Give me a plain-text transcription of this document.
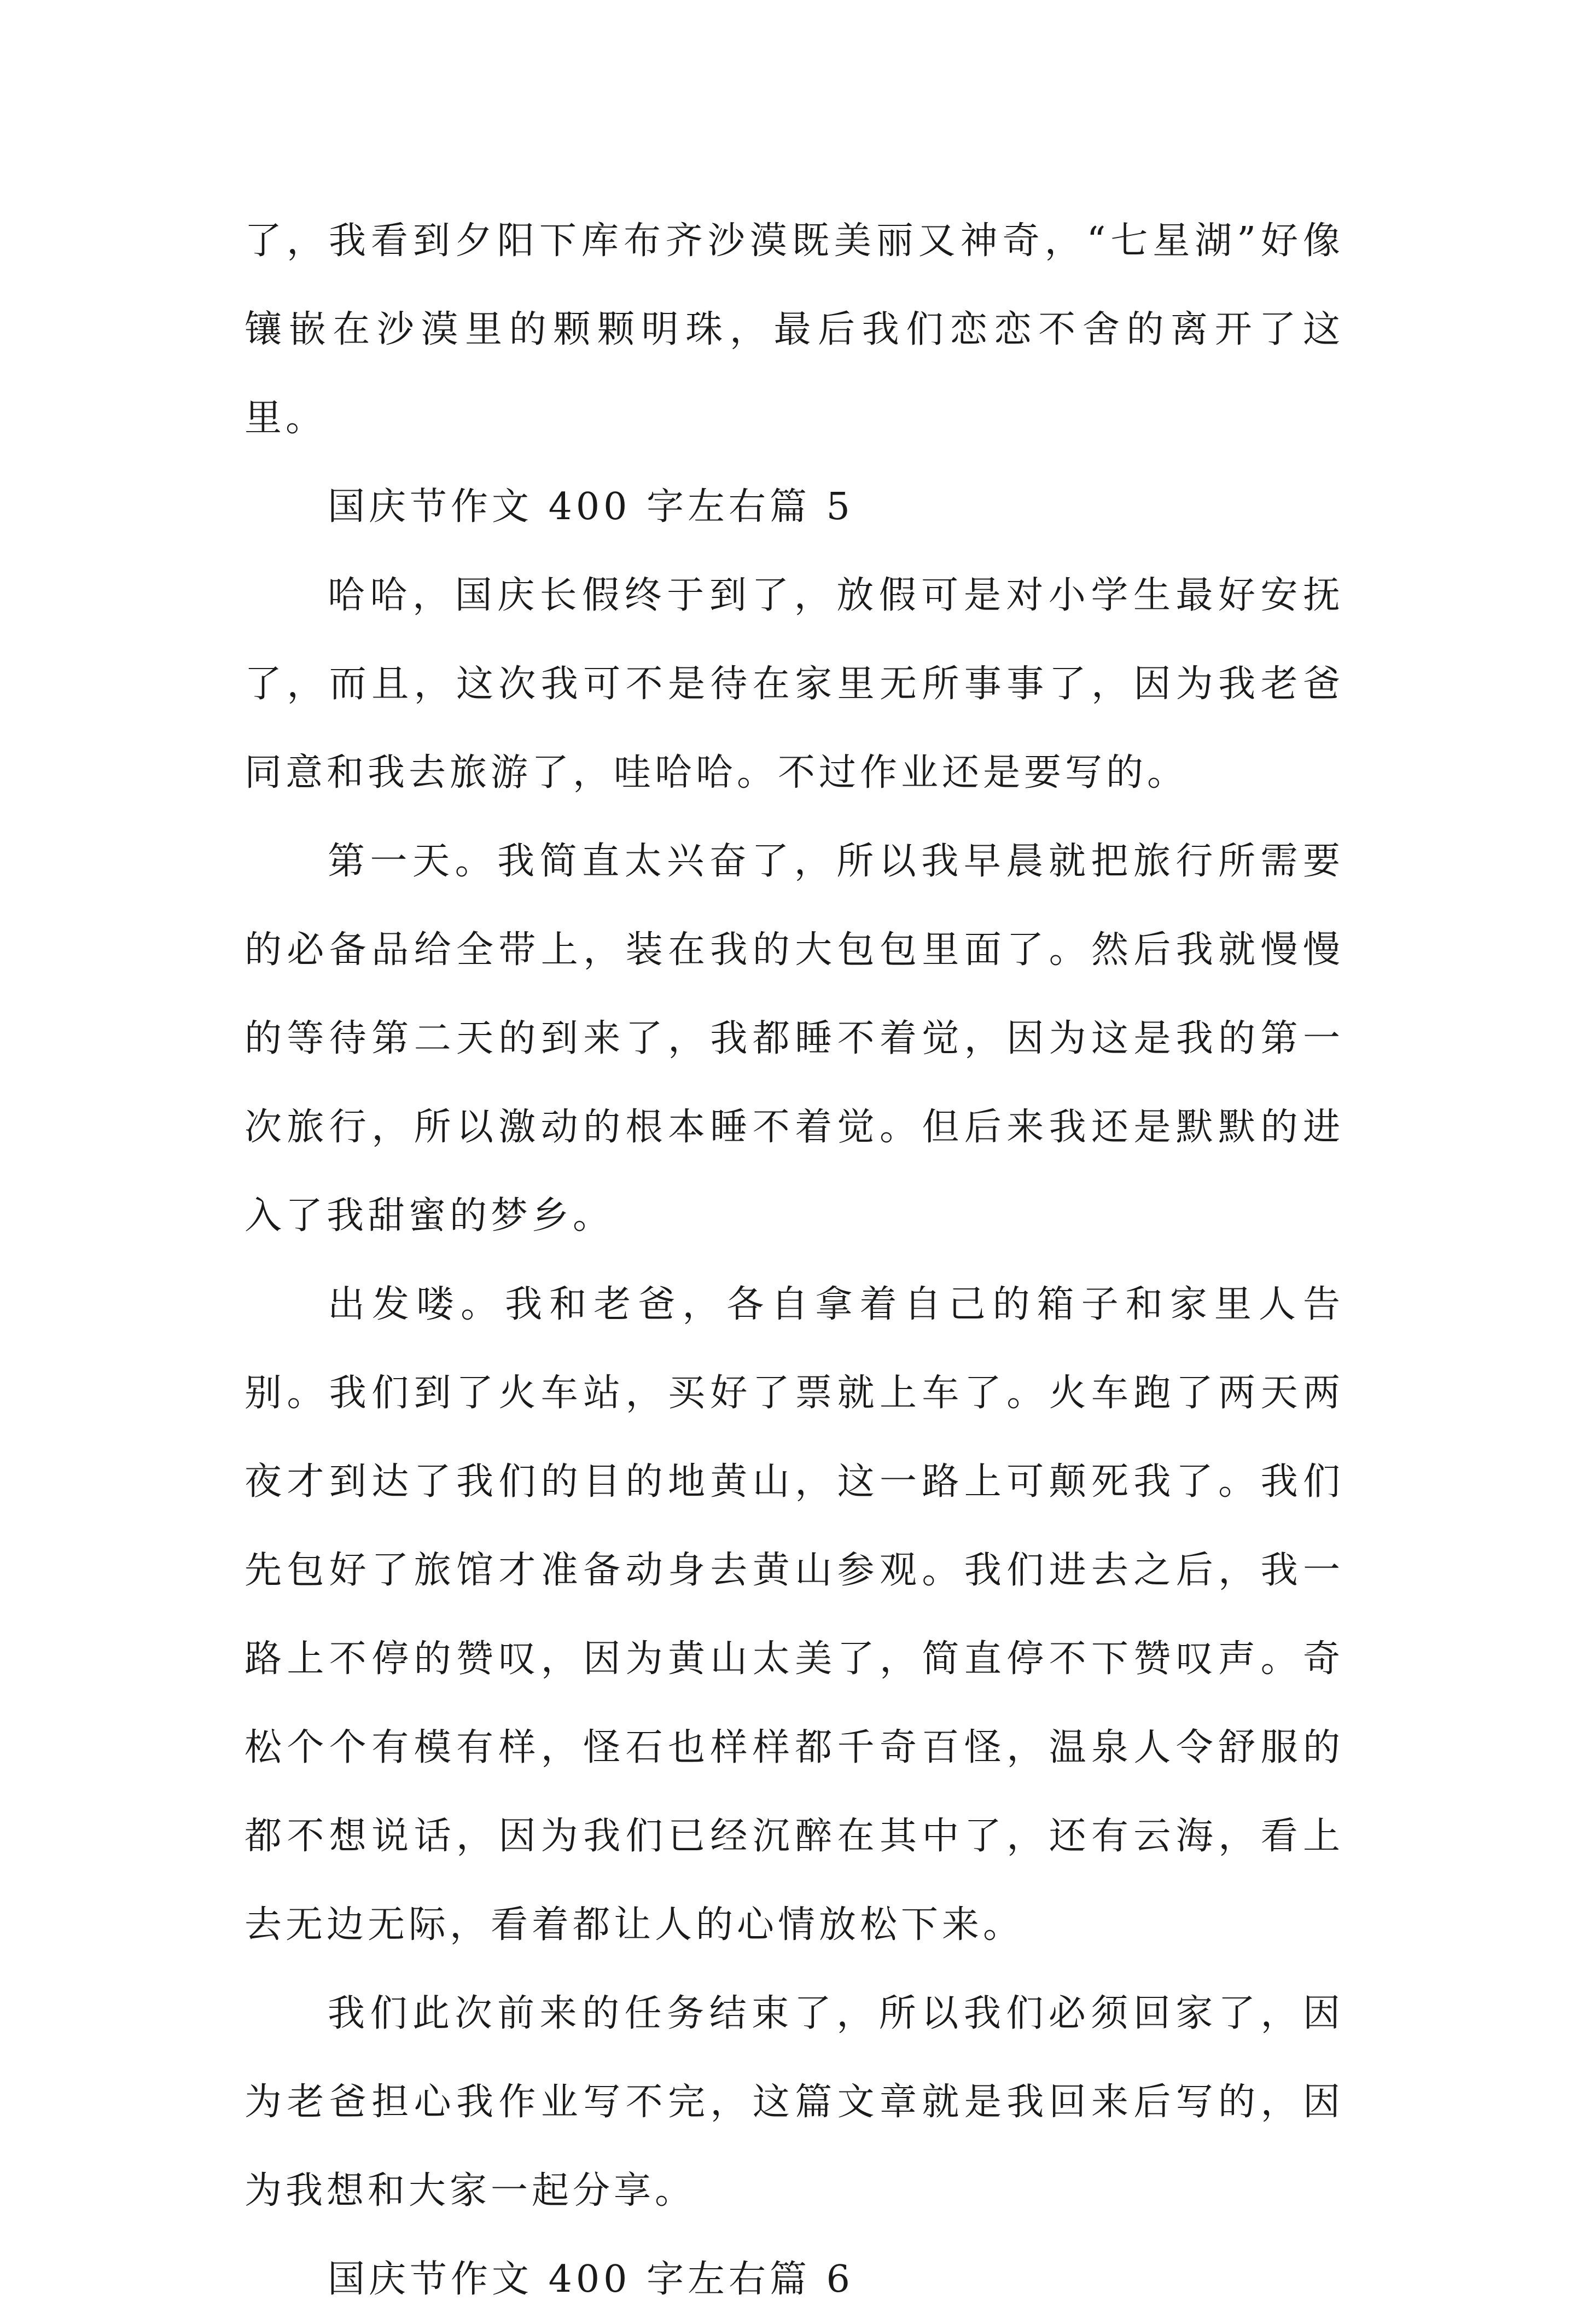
了，我看到夕阳下库布齐沙漠既美丽又神奇，“七星湖”好像镶嵌在沙漠里的颗颗明珠，最后我们恋恋不舍的离开了这里。

国庆节作文 400 字左右篇 5

哈哈，国庆长假终于到了，放假可是对小学生最好安抚了，而且，这次我可不是待在家里无所事事了，因为我老爸同意和我去旅游了，哇哈哈。不过作业还是要写的。

第一天。我简直太兴奋了，所以我早晨就把旅行所需要的必备品给全带上，装在我的大包包里面了。然后我就慢慢的等待第二天的到来了，我都睡不着觉，因为这是我的第一次旅行，所以激动的根本睡不着觉。但后来我还是默默的进入了我甜蜜的梦乡。

出发喽。我和老爸，各自拿着自己的箱子和家里人告别。我们到了火车站，买好了票就上车了。火车跑了两天两夜才到达了我们的目的地黄山，这一路上可颠死我了。我们先包好了旅馆才准备动身去黄山参观。我们进去之后，我一路上不停的赞叹，因为黄山太美了，简直停不下赞叹声。奇松个个有模有样，怪石也样样都千奇百怪，温泉人令舒服的都不想说话，因为我们已经沉醉在其中了，还有云海，看上去无边无际，看着都让人的心情放松下来。

我们此次前来的任务结束了，所以我们必须回家了，因为老爸担心我作业写不完，这篇文章就是我回来后写的，因为我想和大家一起分享。

国庆节作文 400 字左右篇 6
